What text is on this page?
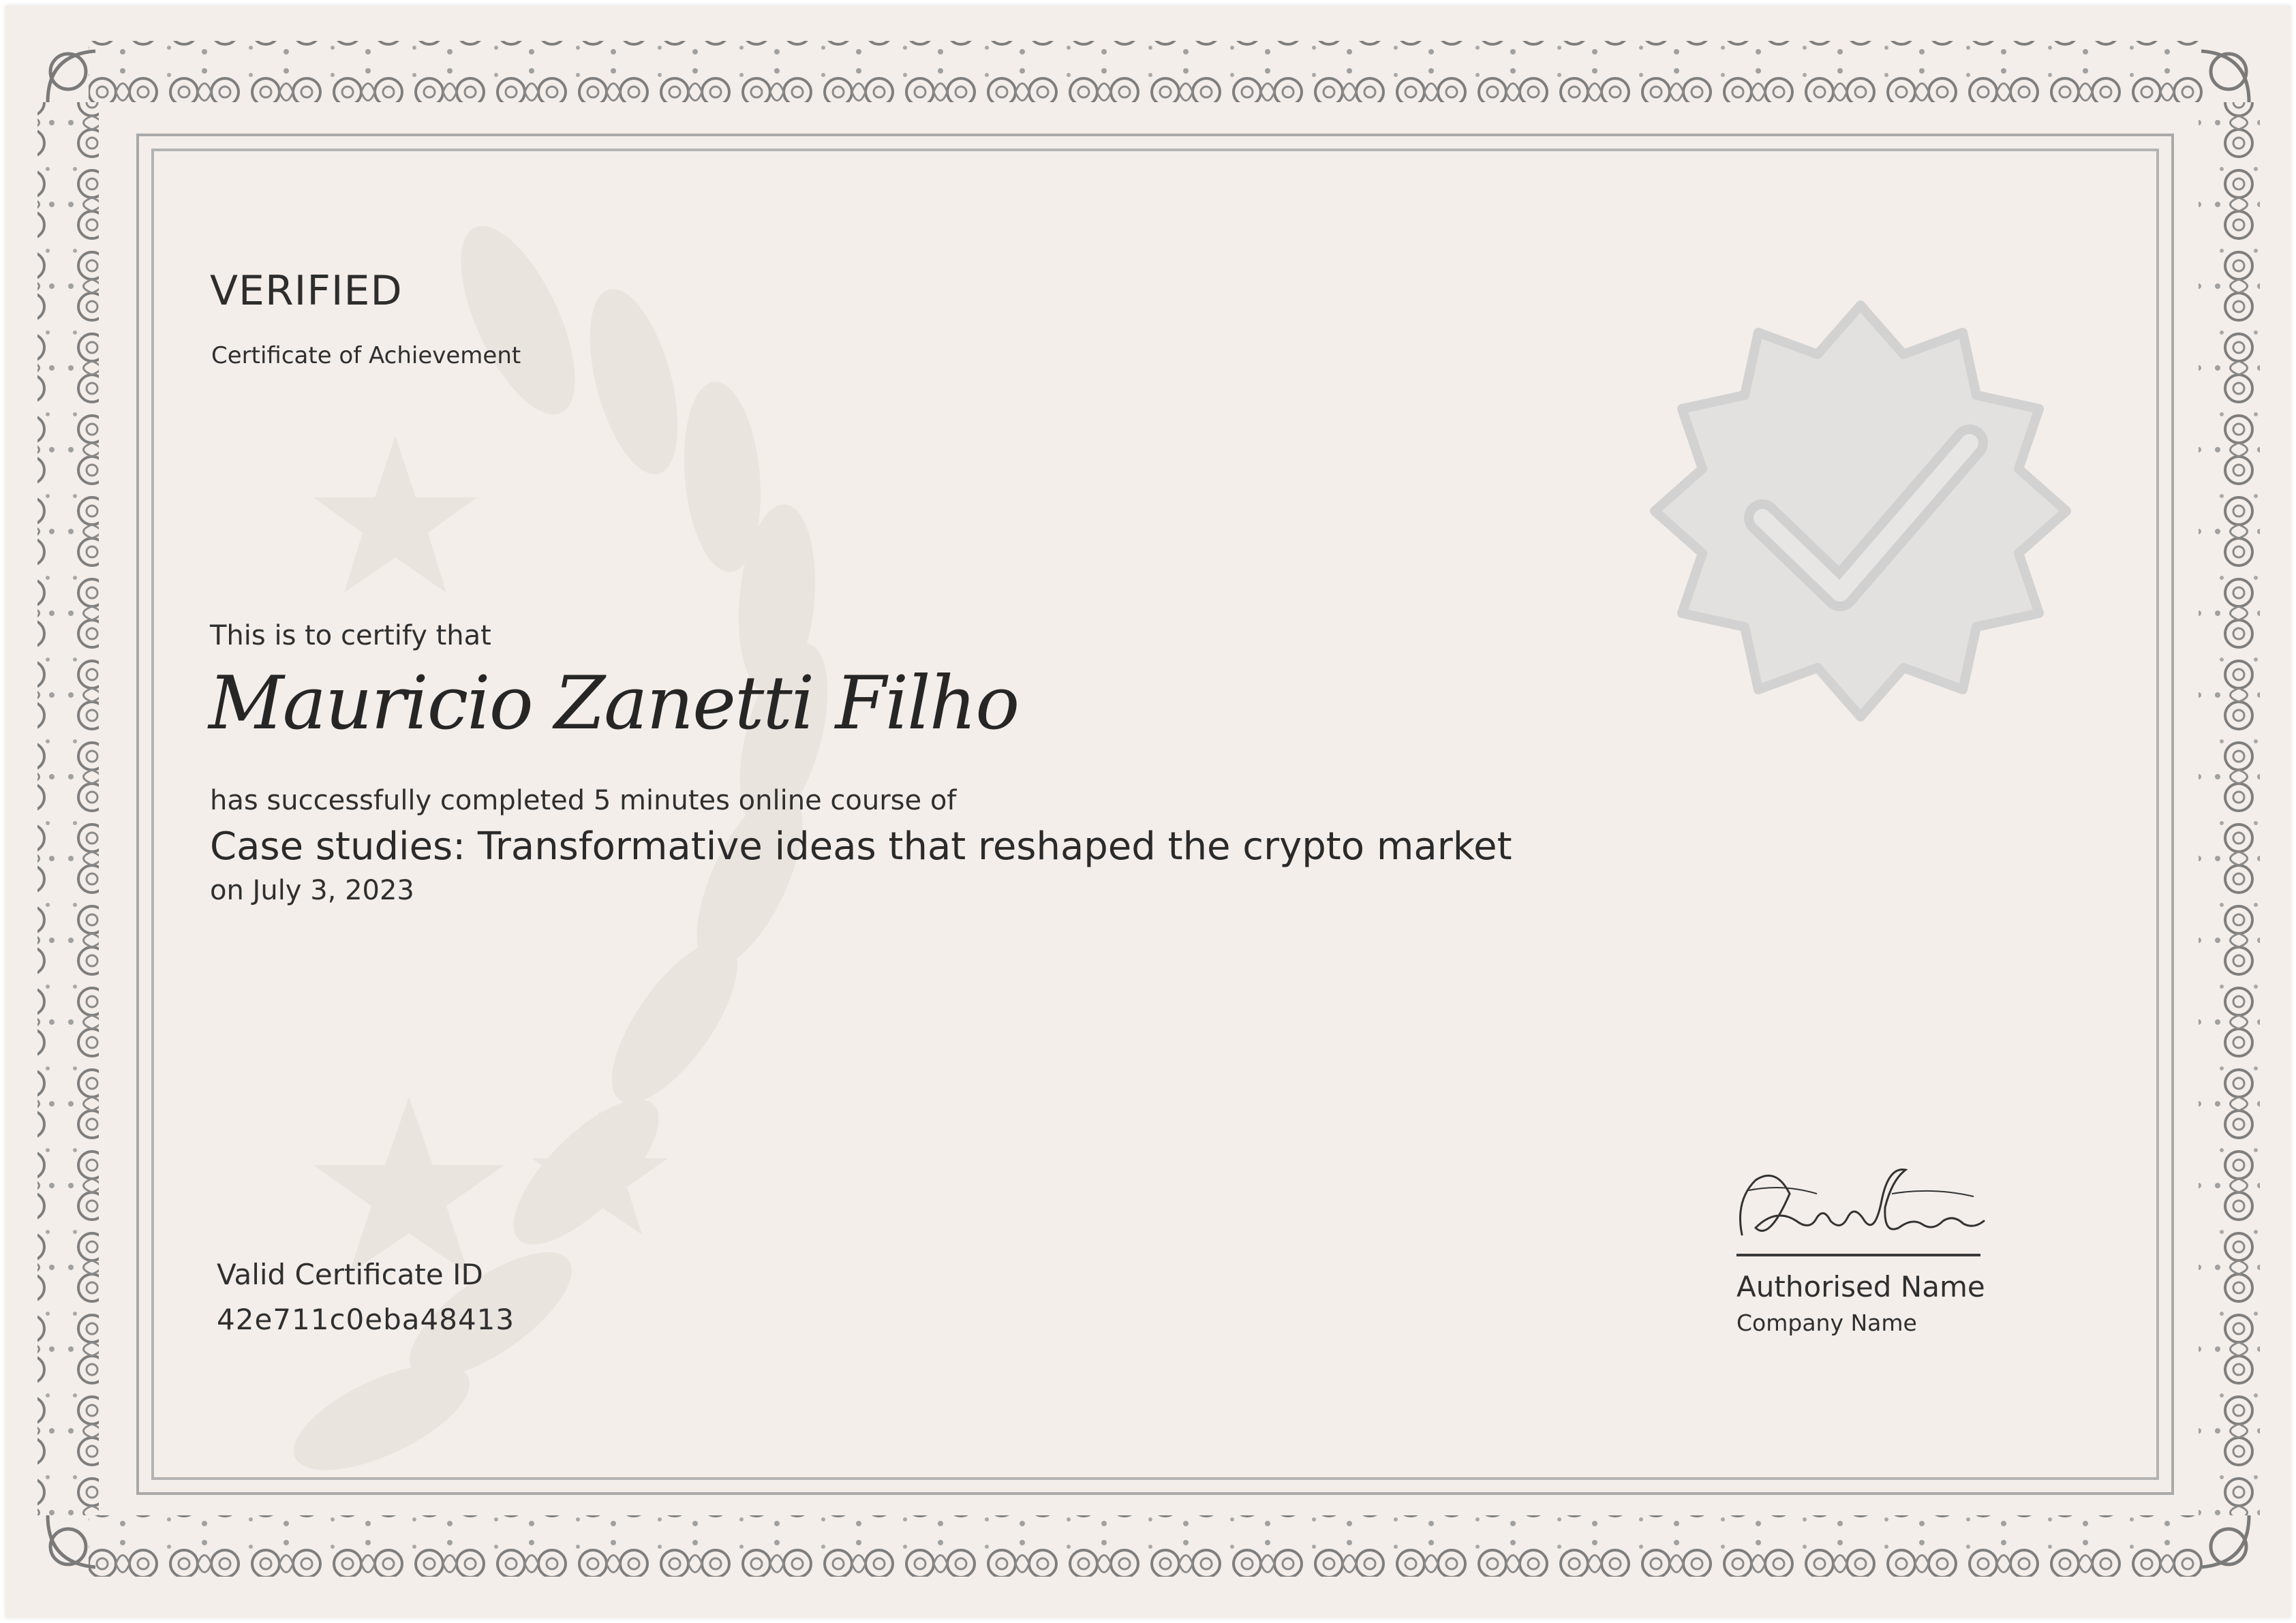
VERIFIED
Certificate of Achievement
This is to certify that
Mauricio Zanetti Filho
has successfully completed 5 minutes online course of
Case studies: Transformative ideas that reshaped the crypto market
on July 3, 2023
Valid Certificate ID
42e711c0eba48413
Authorised Name
Company Name
